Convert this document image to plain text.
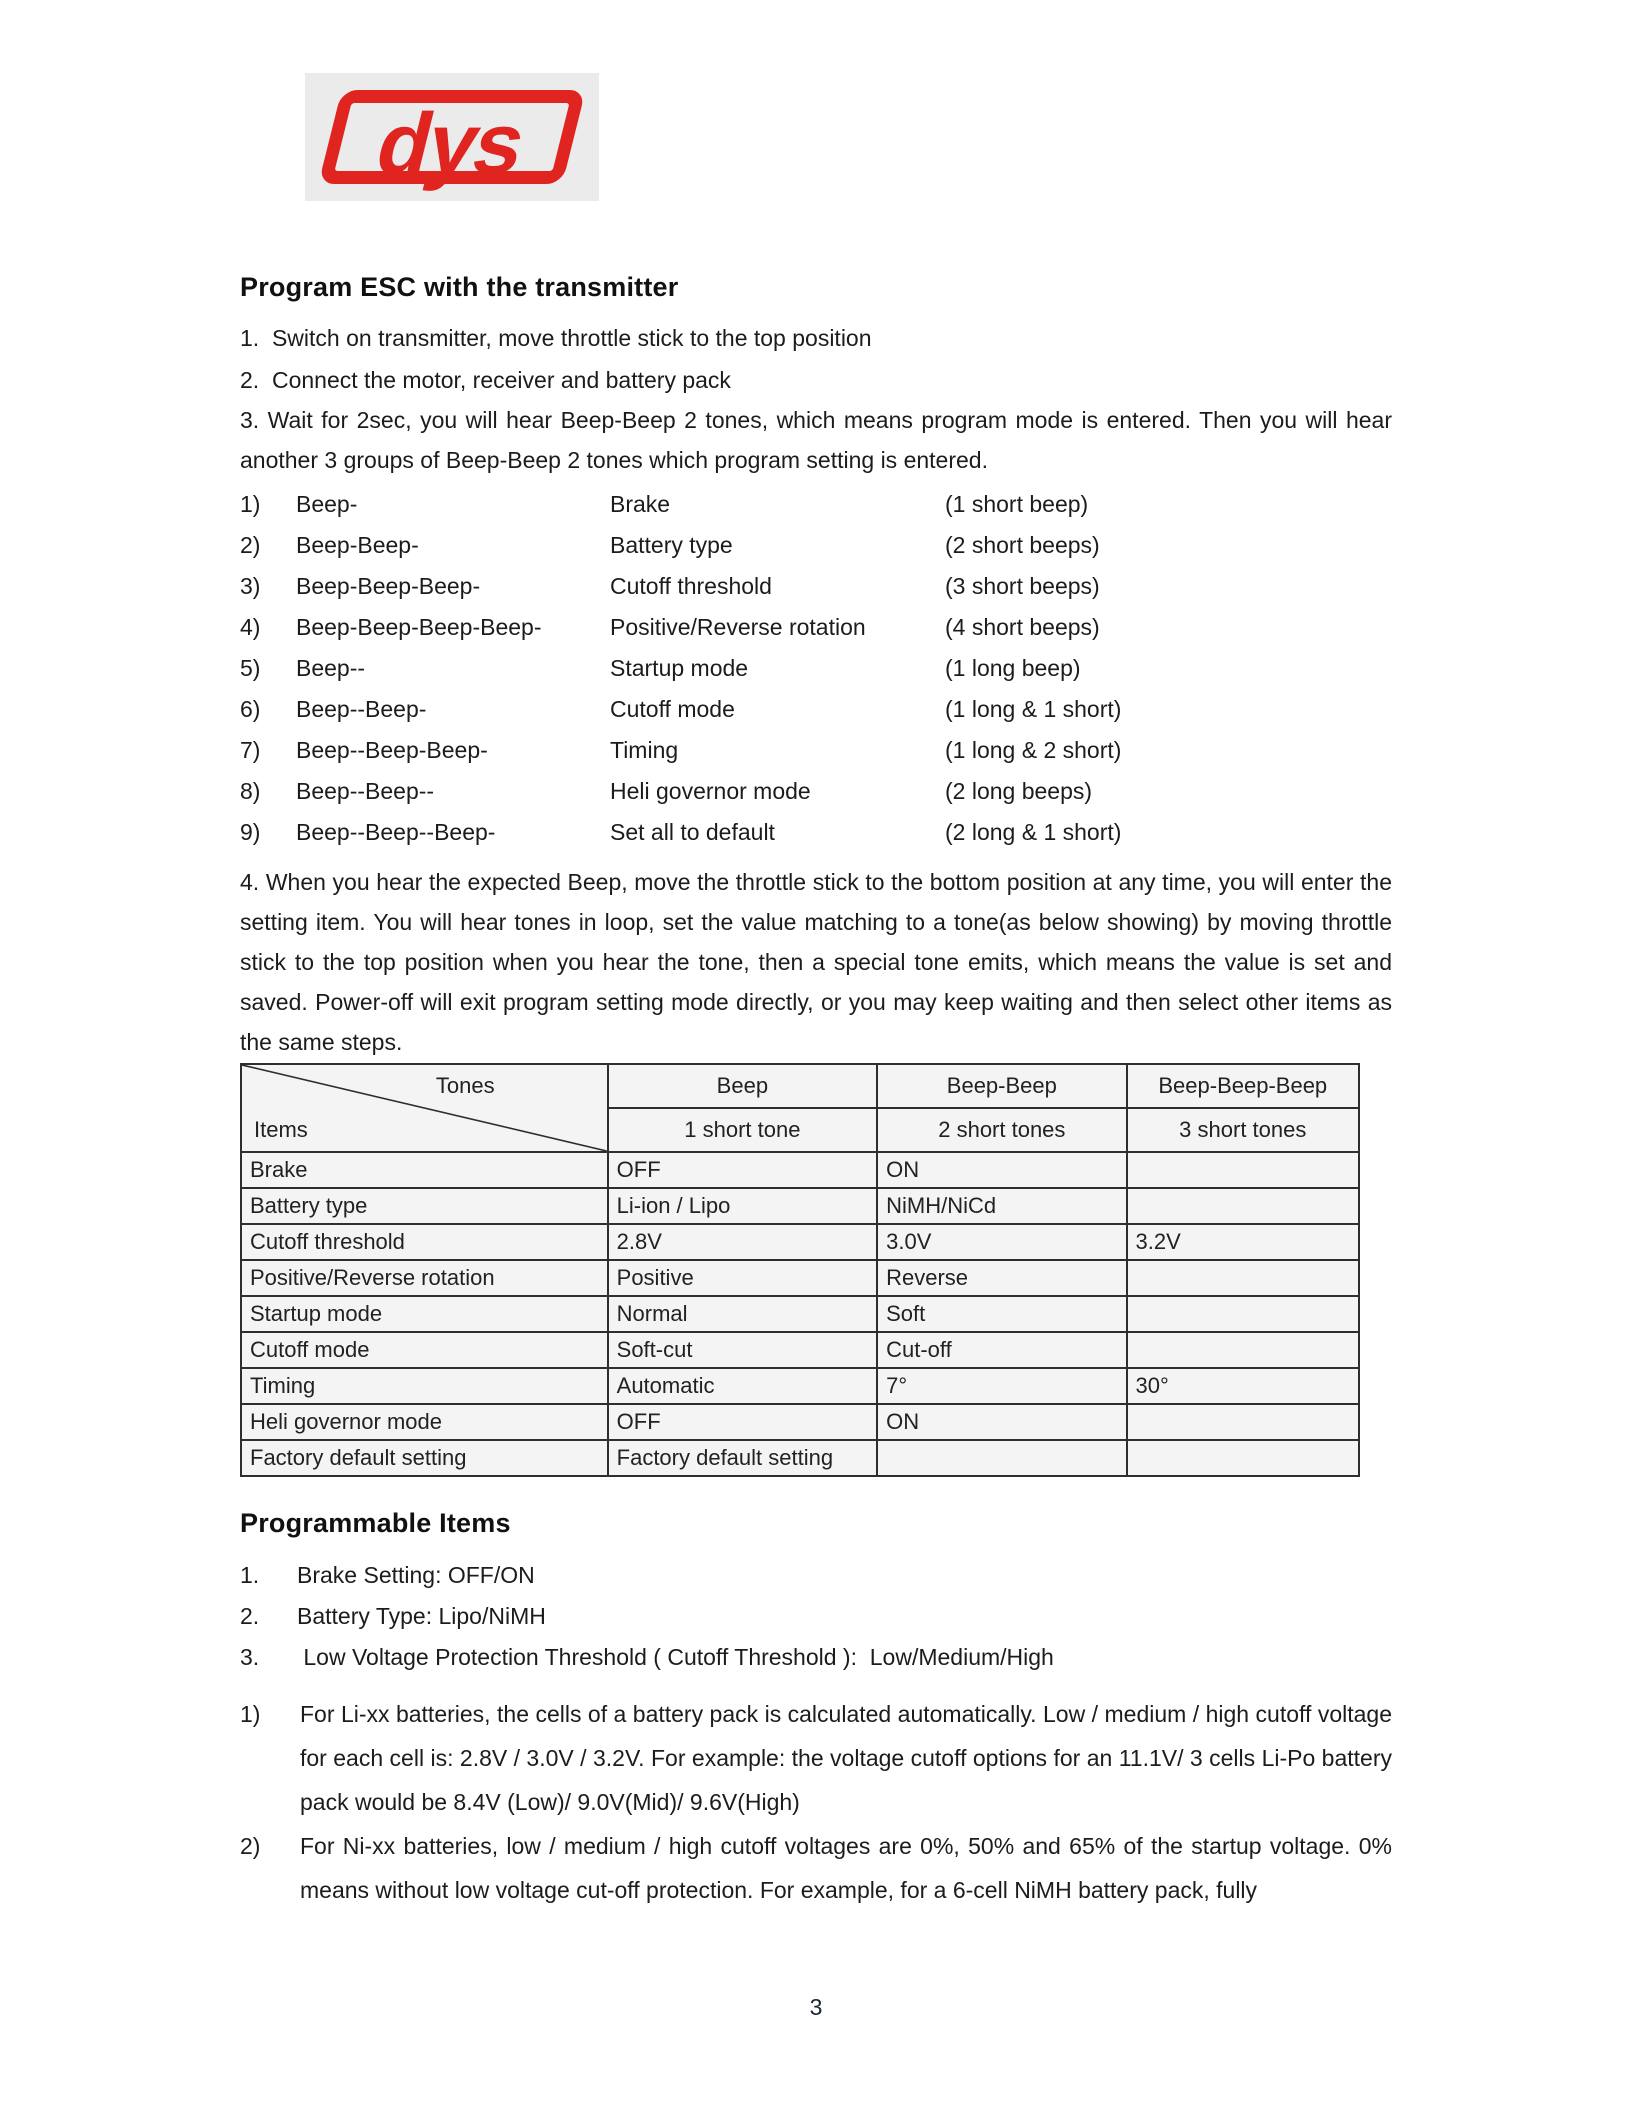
dys
Program ESC with the transmitter

1.  Switch on transmitter, move throttle stick to the top position

2.  Connect the motor, receiver and battery pack

3. Wait for 2sec, you will hear Beep-Beep 2 tones, which means program mode is entered. Then you will hear another 3 groups of Beep-Beep 2 tones which program setting is entered.

1)	Beep-	Brake	(1 short beep)
2)	Beep-Beep-	Battery type	(2 short beeps)
3)	Beep-Beep-Beep-	Cutoff threshold	(3 short beeps)
4)	Beep-Beep-Beep-Beep-	Positive/Reverse rotation	(4 short beeps)
5)	Beep--	Startup mode	(1 long beep)
6)	Beep--Beep-	Cutoff mode	(1 long & 1 short)
7)	Beep--Beep-Beep-	Timing	(1 long & 2 short)
8)	Beep--Beep--	Heli governor mode	(2 long beeps)
9)	Beep--Beep--Beep-	Set all to default	(2 long & 1 short)

4. When you hear the expected Beep, move the throttle stick to the bottom position at any time, you will enter the setting item. You will hear tones in loop, set the value matching to a tone(as below showing) by moving throttle stick to the top position when you hear the tone, then a special tone emits, which means the value is set and saved. Power-off will exit program setting mode directly, or you may keep waiting and then select other items as the same steps.

Tones
Items	Beep	Beep-Beep	Beep-Beep-Beep
	1 short tone	2 short tones	3 short tones
Brake	OFF	ON	
Battery type	Li-ion / Lipo	NiMH/NiCd	
Cutoff threshold	2.8V	3.0V	3.2V
Positive/Reverse rotation	Positive	Reverse	
Startup mode	Normal	Soft	
Cutoff mode	Soft-cut	Cut-off	
Timing	Automatic	7°	30°
Heli governor mode	OFF	ON	
Factory default setting	Factory default setting		
Programmable Items
1.	Brake Setting: OFF/ON
2.	Battery Type: Lipo/NiMH
3.	Low Voltage Protection Threshold ( Cutoff Threshold ):  Low/Medium/High
1)	For Li-xx batteries, the cells of a battery pack is calculated automatically. Low / medium / high cutoff voltage for each cell is: 2.8V / 3.0V / 3.2V. For example: the voltage cutoff options for an 11.1V/ 3 cells Li-Po battery pack would be 8.4V (Low)/ 9.0V(Mid)/ 9.6V(High)
2)	For Ni-xx batteries, low / medium / high cutoff voltages are 0%, 50% and 65% of the startup voltage. 0% means without low voltage cut-off protection. For example, for a 6-cell NiMH battery pack, fully
3
